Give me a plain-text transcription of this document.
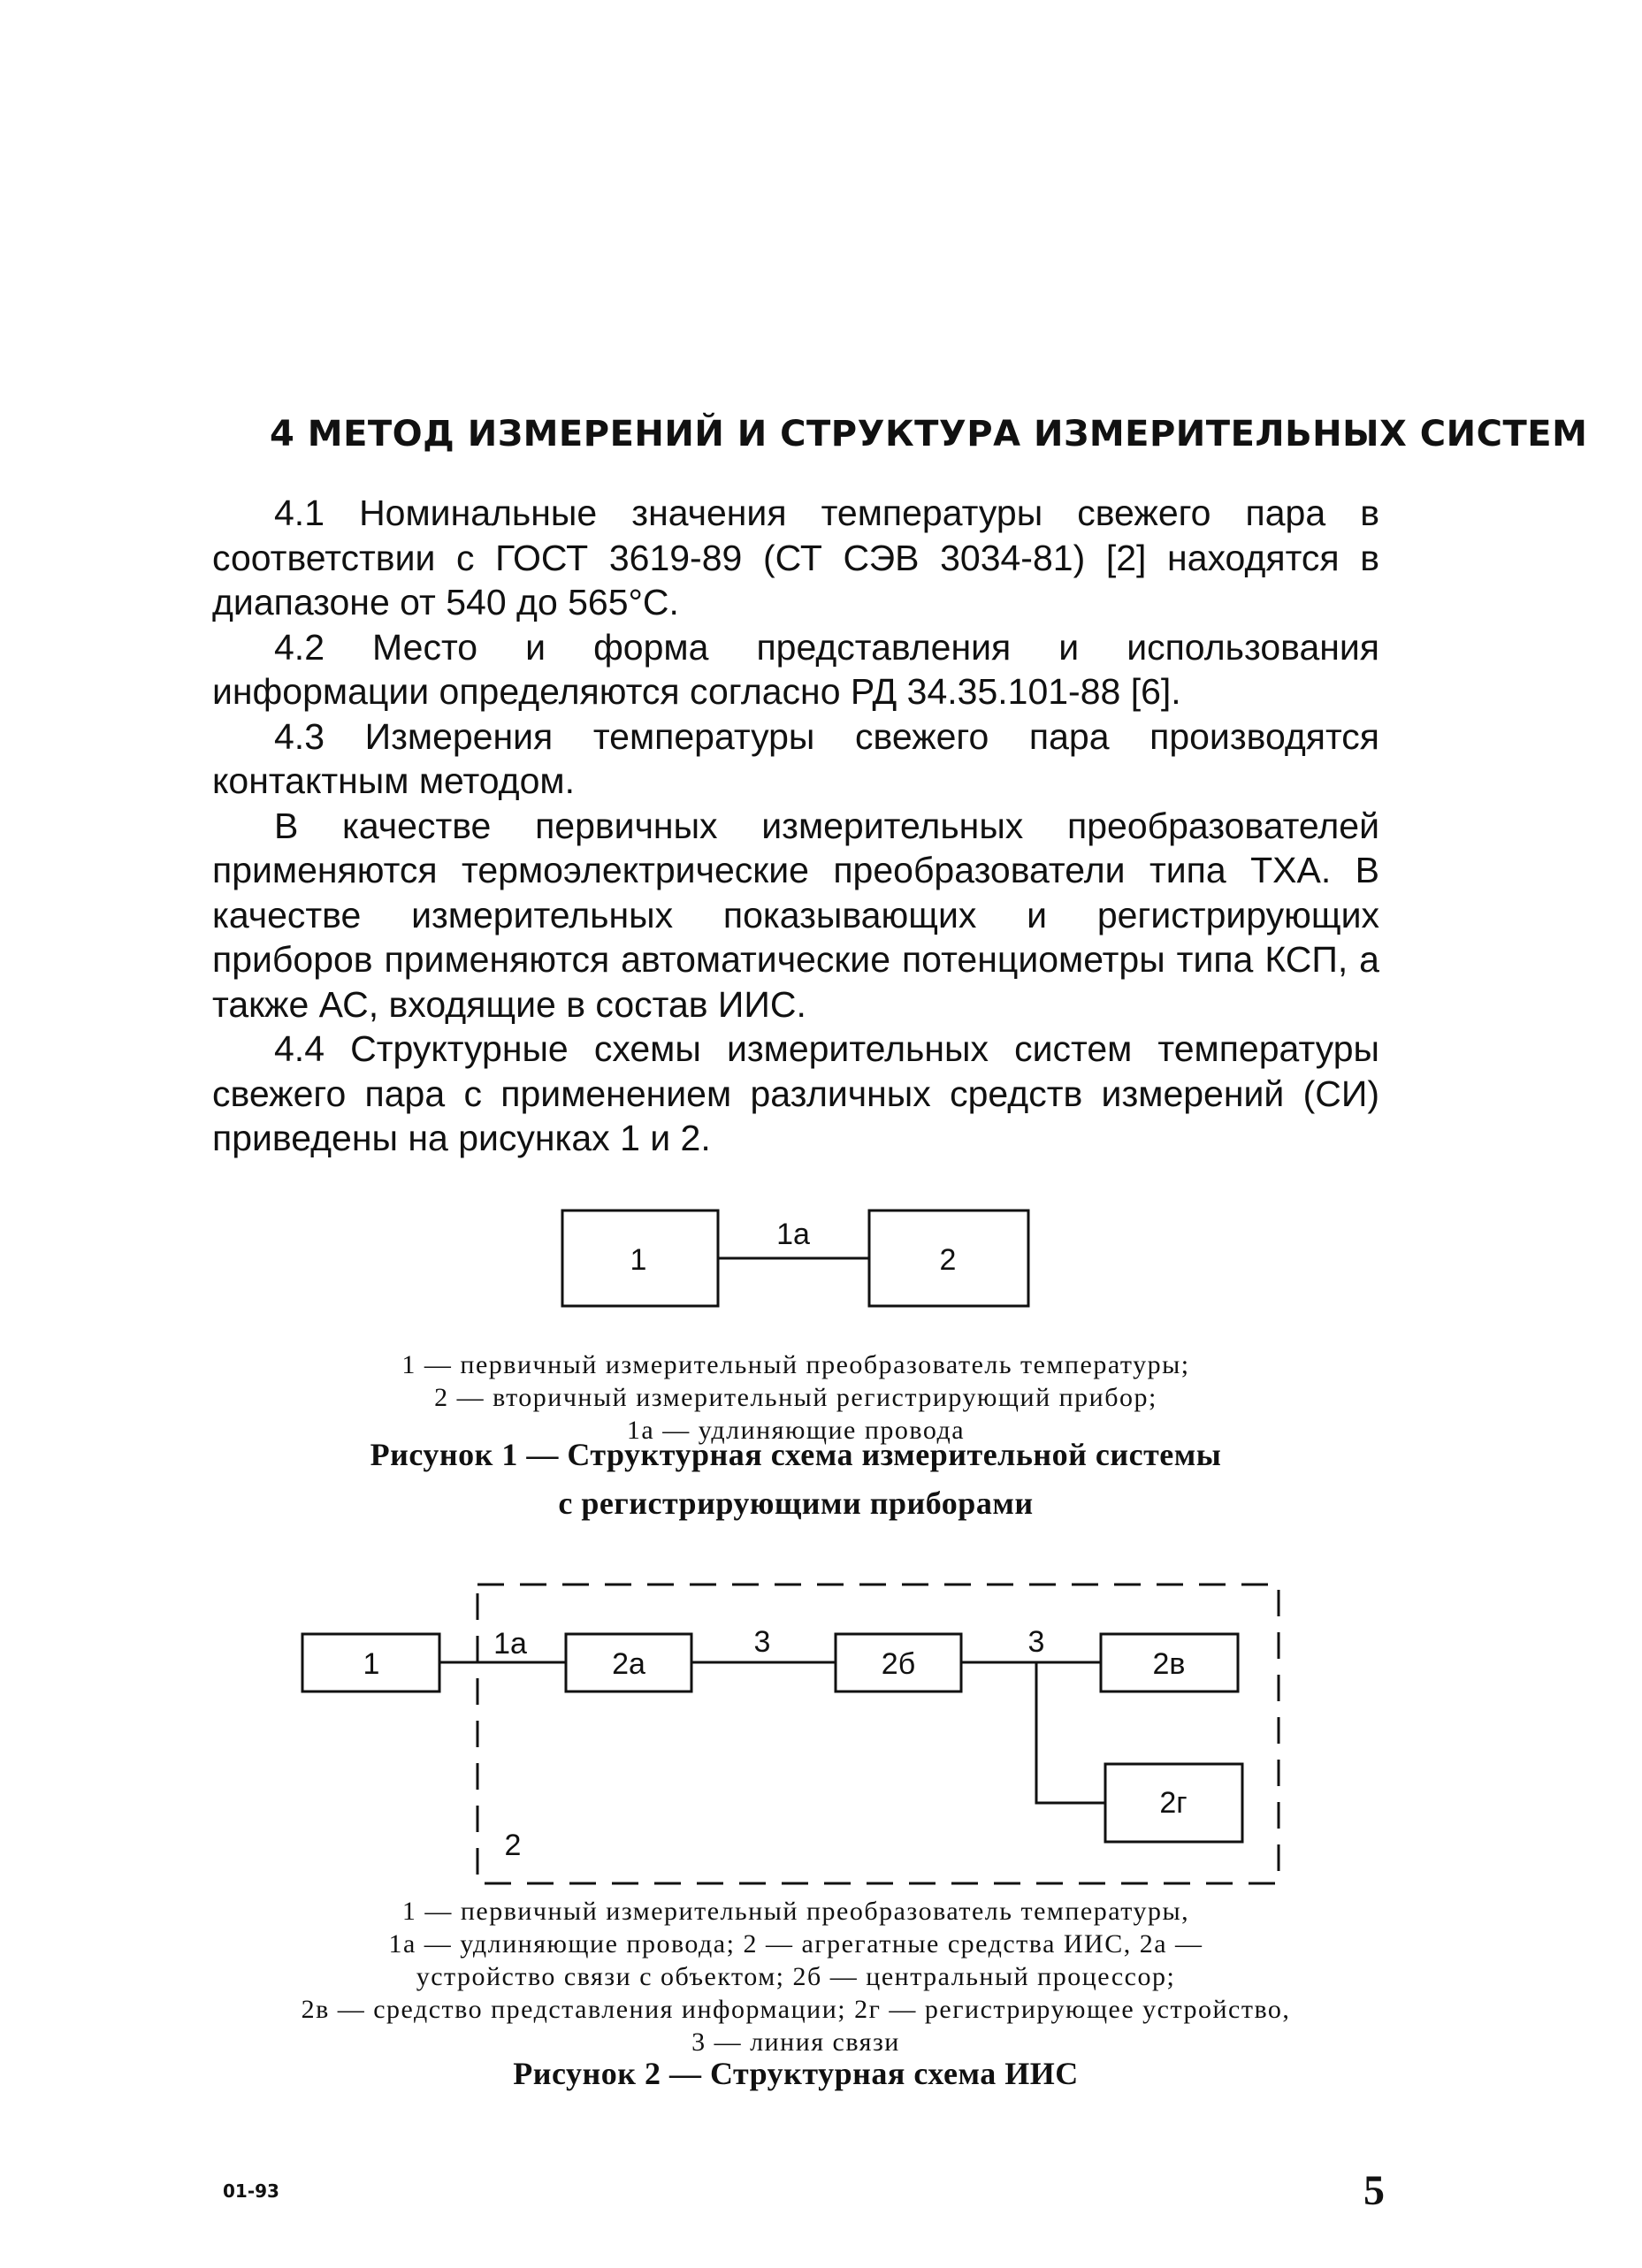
4 МЕТОД ИЗМЕРЕНИЙ И СТРУКТУРА ИЗМЕРИТЕЛЬНЫХ СИСТЕМ

4.1 Номинальные значения температуры свежего пара в соответствии с ГОСТ 3619-89 (СТ СЭВ 3034-81) [2] находятся в диапазоне от 540 до 565°С.

4.2 Место и форма представления и использования информации определяются согласно РД 34.35.101-88 [6].

4.3 Измерения температуры свежего пара производятся контактным методом.

В качестве первичных измерительных преобразователей применяются термоэлектрические преобразователи типа ТХА. В качестве измерительных показывающих и регистрирующих приборов применяются автоматические потенциометры типа КСП, а также АС, входящие в состав ИИС.

4.4 Структурные схемы измерительных систем температуры свежего пара с применением различных средств измерений (СИ) приведены на рисунках 1 и 2.

1	2
1а
1	2а	2б	2в
2г
1а	3	3
2
1 — первичный измерительный преобразователь температуры;
2 — вторичный измерительный регистрирующий прибор;
1а — удлиняющие провода
Рисунок 1 — Структурная схема измерительной системы
с регистрирующими приборами
1 — первичный измерительный преобразователь температуры,
1а — удлиняющие провода; 2 — агрегатные средства ИИС, 2а —
устройство связи с объектом; 2б — центральный процессор;
2в — средство представления информации; 2г — регистрирующее устройство, 3 — линия связи
Рисунок 2 — Структурная схема ИИС
01-93	5
